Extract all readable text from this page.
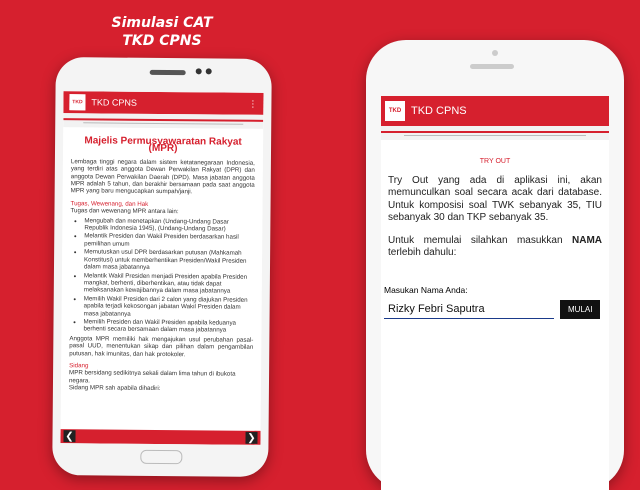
Simulasi CAT
TKD CPNS
TKD TKD CPNS	⋮
Majelis Permusyawaratan Rakyat (MPR)

Lembaga tinggi negara dalam sistem ketatanegaraan Indonesia, yang terdiri atas anggota Dewan Perwakilan Rakyat (DPR) dan anggota Dewan Perwakilan Daerah (DPD). Masa jabatan anggota MPR adalah 5 tahun, dan berakhir bersamaan pada saat anggota MPR yang baru mengucapkan sumpah/janji.

Tugas, Wewenang, dan Hak
Tugas dan wewenang MPR antara lain:
• Mengubah dan menetapkan (Undang-Undang Dasar Republik Indonesia 1945), (Undang-Undang Dasar)
• Melantik Presiden dan Wakil Presiden berdasarkan hasil pemilihan umum
• Memutuskan usul DPR berdasarkan putusan (Mahkamah Konstitusi) untuk memberhentikan Presiden/Wakil Presiden dalam masa jabatannya
• Melantik Wakil Presiden menjadi Presiden apabila Presiden mangkat, berhenti, diberhentikan, atau tidak dapat melaksanakan kewajibannya dalam masa jabatannya
• Memilih Wakil Presiden dari 2 calon yang diajukan Presiden apabila terjadi kekosongan jabatan Wakil Presiden dalam masa jabatannya
• Memilih Presiden dan Wakil Presiden apabila keduanya berhenti secara bersamaan dalam masa jabatannya

Anggota MPR memiliki hak mengajukan usul perubahan pasal-pasal UUD, menentukan sikap dan pilihan dalam pengambilan putusan, hak imunitas, dan hak protokoler.

Sidang
MPR bersidang sedikitnya sekali dalam lima tahun di ibukota negara.
Sidang MPR sah apabila dihadiri:
❮	❯
TKD TKD CPNS
TRY OUT

Try Out yang ada di aplikasi ini, akan memunculkan soal secara acak dari database. Untuk komposisi soal TWK sebanyak 35, TIU sebanyak 30 dan TKP sebanyak 35.

Untuk memulai silahkan masukkan NAMA terlebih dahulu:

Masukan Nama Anda:
Rizky Febri Saputra	MULAI
